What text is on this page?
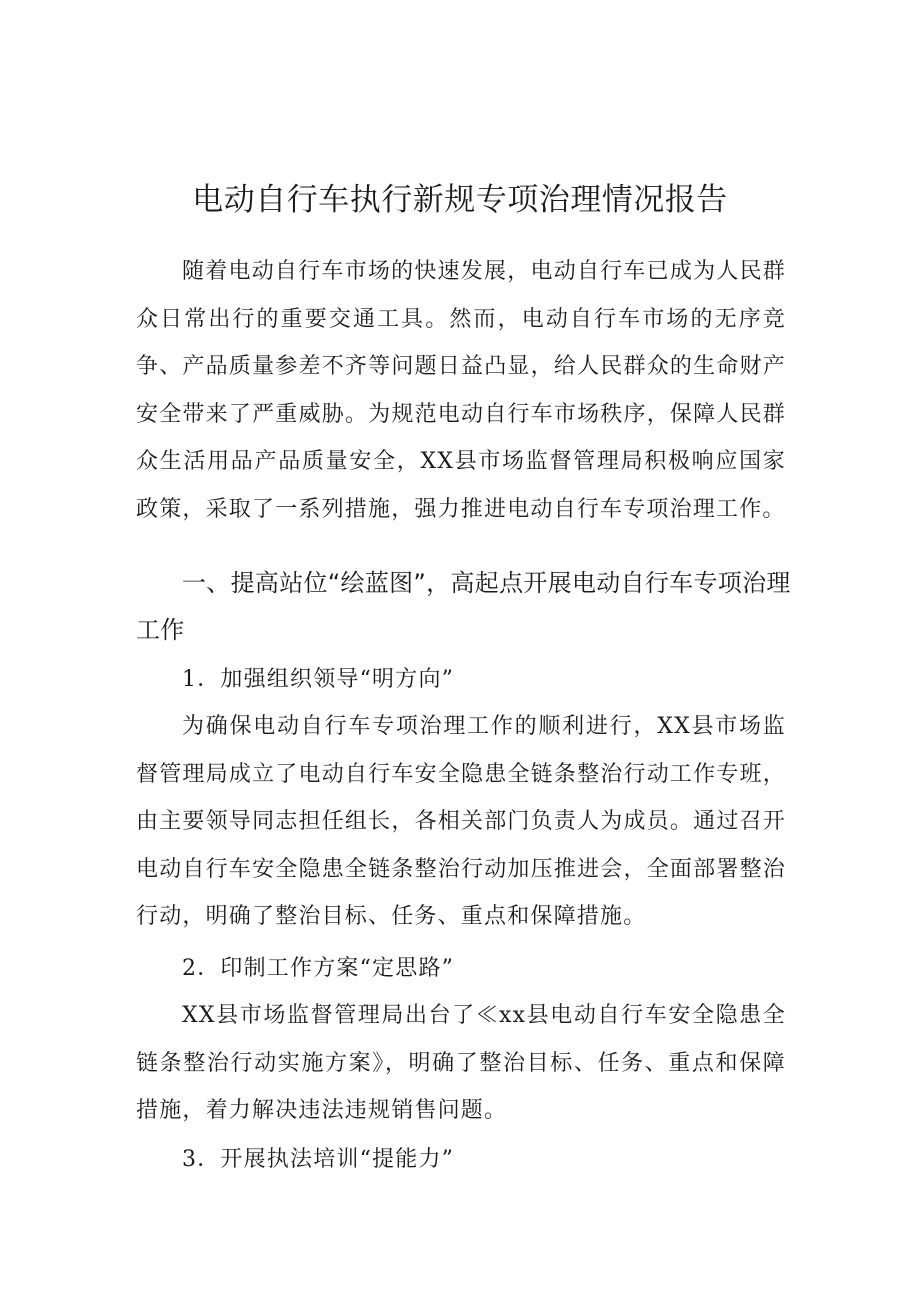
电动自行车执行新规专项治理情况报告

随着电动自行车市场的快速发展，电动自行车已成为人民群众日常出行的重要交通工具。然而，电动自行车市场的无序竞争、产品质量参差不齐等问题日益凸显，给人民群众的生命财产安全带来了严重威胁。为规范电动自行车市场秩序，保障人民群众生活用品产品质量安全，XX县市场监督管理局积极响应国家政策，采取了一系列措施，强力推进电动自行车专项治理工作。

一、提高站位“绘蓝图”，高起点开展电动自行车专项治理工作

1．加强组织领导“明方向”

为确保电动自行车专项治理工作的顺利进行，XX县市场监督管理局成立了电动自行车安全隐患全链条整治行动工作专班，由主要领导同志担任组长，各相关部门负责人为成员。通过召开电动自行车安全隐患全链条整治行动加压推进会，全面部署整治行动，明确了整治目标、任务、重点和保障措施。

2．印制工作方案“定思路”

XX县市场监督管理局出台了≪xx县电动自行车安全隐患全链条整治行动实施方案》，明确了整治目标、任务、重点和保障措施，着力解决违法违规销售问题。

3．开展执法培训“提能力”
